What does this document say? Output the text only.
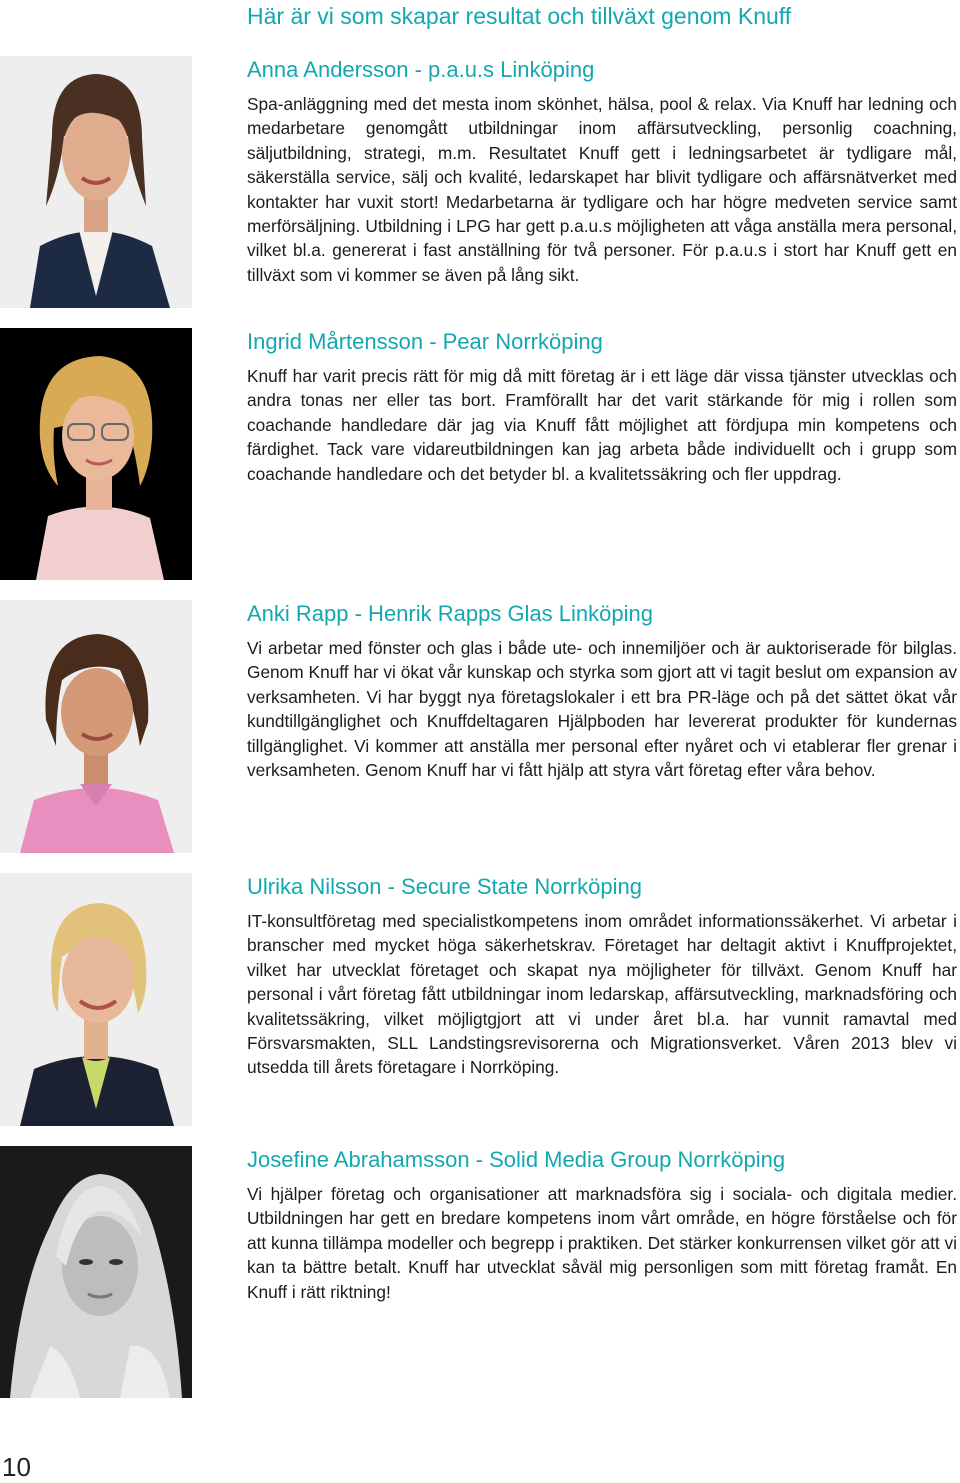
Här är vi som skapar resultat och tillväxt genom Knuff
Anna Andersson - p.a.u.s Linköping

Spa-anläggning med det mesta inom skönhet, hälsa, pool & relax. Via Knuff har ledning och medarbetare genomgått utbildningar inom affärsutveckling, personlig coachning, säljutbildning, strategi, m.m. Resultatet Knuff gett i ledningsarbetet är tydligare mål, säkerställa service, sälj och kvalité, ledarskapet har blivit tydligare och affärsnätverket med kontakter har vuxit stort! Medarbetarna är tydligare och har högre medveten service samt merförsäljning. Utbildning i LPG har gett p.a.u.s möjligheten att våga anställa mera personal, vilket bl.a. genererat i fast anställning för två personer. För p.a.u.s i stort har Knuff gett en tillväxt som vi kommer se även på lång sikt.

Ingrid Mårtensson - Pear Norrköping

Knuff har varit precis rätt för mig då mitt företag är i ett läge där vissa tjänster utvecklas och andra tonas ner eller tas bort. Framförallt har det varit stärkande för mig i rollen som coachande handledare där jag via Knuff fått möjlighet att fördjupa min kompetens och färdighet. Tack vare vidareutbildningen kan jag arbeta både individuellt och i grupp som coachande handledare och det betyder bl. a kvalitetssäkring och fler uppdrag.

Anki Rapp - Henrik Rapps Glas Linköping

Vi arbetar med fönster och glas i både ute- och innemiljöer och är auktoriserade för bilglas. Genom Knuff har vi ökat vår kunskap och styrka som gjort att vi tagit beslut om expansion av verksamheten. Vi har byggt nya företagslokaler i ett bra PR-läge och på det sättet ökat vår kundtillgänglighet och Knuffdeltagaren Hjälpboden har levererat produkter för kundernas tillgänglighet. Vi kommer att anställa mer personal efter nyåret och vi etablerar fler grenar i verksamheten. Genom Knuff har vi fått hjälp att styra vårt företag efter våra behov.

Ulrika Nilsson - Secure State Norrköping

IT-konsultföretag med specialistkompetens inom området informationssäkerhet. Vi arbetar i branscher med mycket höga säkerhetskrav. Företaget har deltagit aktivt i Knuffprojektet, vilket har utvecklat företaget och skapat nya möjligheter för tillväxt. Genom Knuff har personal i vårt företag fått utbildningar inom ledarskap, affärsutveckling, marknadsföring och kvalitetssäkring, vilket möjligtgjort att vi under året bl.a. har vunnit ramavtal med Försvarsmakten, SLL Landstingsrevisorerna och Migrationsverket. Våren 2013 blev vi utsedda till årets företagare i Norrköping.

Josefine Abrahamsson - Solid Media Group Norrköping

Vi hjälper företag och organisationer att marknadsföra sig i sociala- och digitala medier. Utbildningen har gett en bredare kompetens inom vårt område, en högre förståelse och för att kunna tillämpa modeller och begrepp i praktiken. Det stärker konkurrensen vilket gör att vi kan ta bättre betalt. Knuff har utvecklat såväl mig personligen som mitt företag framåt. En Knuff i rätt riktning!

10
